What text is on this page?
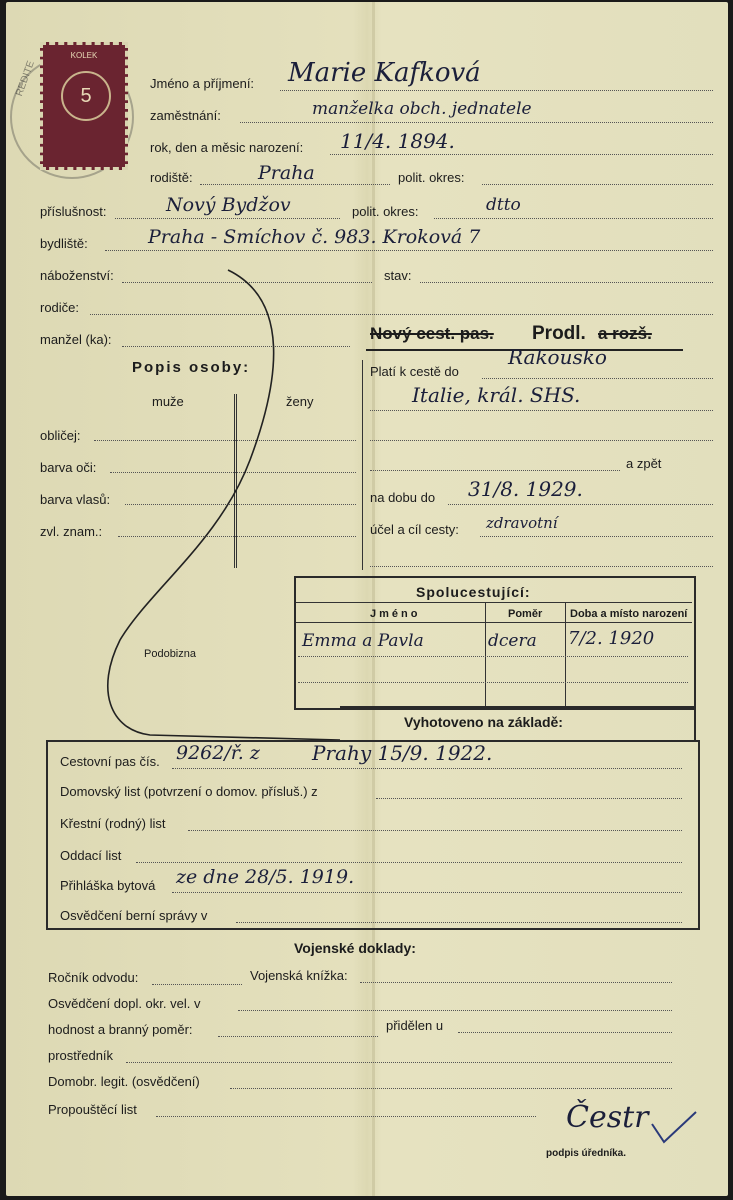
REDITE
KOLEK
5
Jméno a příjmení: Marie Kafková
zaměstnání:	manželka obch. jednatele
rok, den a měsic narození: 11/4. 1894.
rodiště:	Praha	polit. okres:
příslušnost:	Nový Bydžov	polit. okres:	dtto
bydliště:	Praha - Smíchov č. 983. Kroková 7
náboženství:	stav:
rodiče:
manžel (ka):	Nový cest. pas. Prodl. a rozš.
Popis osoby:
muže	ženy
obličej:
barva oči:
barva vlasů:
zvl. znam.:
Platí k cestě do
Rakousko
Italie, král. SHS.
a zpět
na dobu do 31/8. 1929.
účel a cíl cesty: zdravotní
Podobizna
Spolucestující:
Jméno	Poměr	Doba a místo narození
Emma a Pavla	dcera 7/2. 1920
Vyhotoveno na základě:
Cestovní pas čís. 9262/ř. z	Prahy 15/9. 1922.
Domovský list (potvrzení o domov. přísluš.) z
Křestní (rodný) list
Oddací list
Přihláška bytová ze dne 28/5. 1919.
Osvědčení berní správy v
Vojenské doklady:
Ročník odvodu:	Vojenská knížka:
Osvědčení dopl. okr. vel. v
hodnost a branný poměr:	přidělen u
prostředník
Domobr. legit. (osvědčení)
Propouštěcí list	Čestr
podpis úředníka.
